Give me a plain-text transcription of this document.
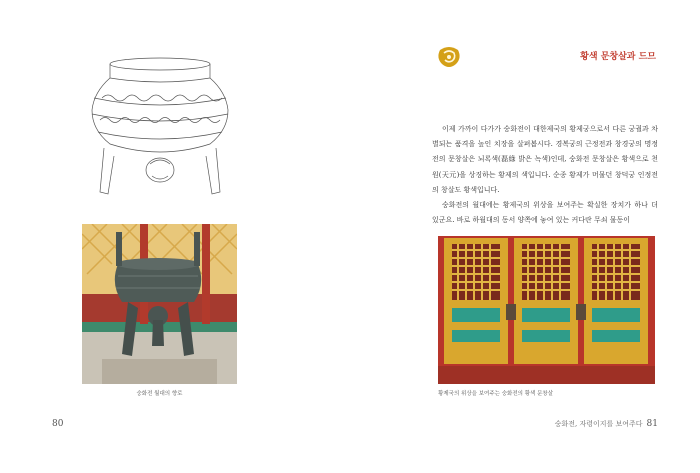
숭화전 월대의 향로
80
황색 문창살과 드므

이제 가까이 다가가 숭화전이 대한제국의 황제궁으로서 다른 궁궐과 차별되는 품격을 높인 치장을 살펴봅시다. 경복궁의 근정전과 창경궁의 명정전의 문창살은 뇌록색(磊綠 밝은 녹색)인데, 숭화전 문창살은 황색으로 천원(天元)을 상징하는 황제의 색입니다. 순종 황제가 머물던 창덕궁 인정전의 창살도 황색입니다.

숭화전의 월대에는 황제국의 위상을 보여주는 확실한 장치가 하나 더 있군요. 바로 하월대의 동서 양쪽에 놓여 있는 커다란 무쇠 물동이

황제국의 위상을 보여주는 숭화전의 황색 문창살
숭화전, 자령이지를 보여주다 81
